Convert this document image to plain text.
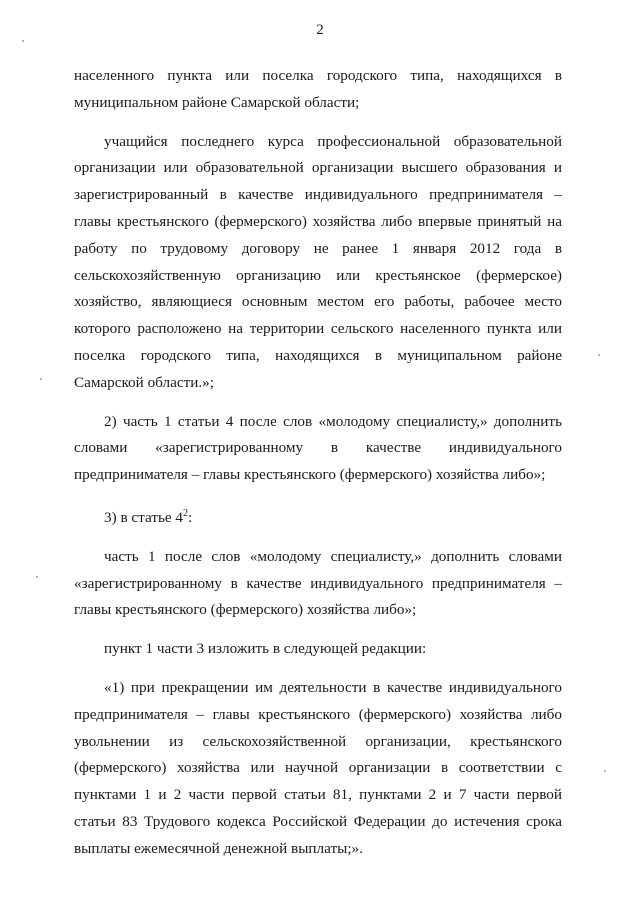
2

населенного пункта или поселка городского типа, находящихся в муниципальном районе Самарской области;

учащийся последнего курса профессиональной образовательной организации или образовательной организации высшего образования и зарегистрированный в качестве индивидуального предпринимателя – главы крестьянского (фермерского) хозяйства либо впервые принятый на работу по трудовому договору не ранее 1 января 2012 года в сельскохозяйственную организацию или крестьянское (фермерское) хозяйство, являющиеся основным местом его работы, рабочее место которого расположено на территории сельского населенного пункта или поселка городского типа, находящихся в муниципальном районе Самарской области.»;

2) часть 1 статьи 4 после слов «молодому специалисту,» дополнить словами «зарегистрированному в качестве индивидуального предпринимателя – главы крестьянского (фермерского) хозяйства либо»;

3) в статье $4^2$:

часть 1 после слов «молодому специалисту,» дополнить словами «зарегистрированному в качестве индивидуального предпринимателя – главы крестьянского (фермерского) хозяйства либо»;

пункт 1 части 3 изложить в следующей редакции:

«1) при прекращении им деятельности в качестве индивидуального предпринимателя – главы крестьянского (фермерского) хозяйства либо увольнении из сельскохозяйственной организации, крестьянского (фермерского) хозяйства или научной организации в соответствии с пунктами 1 и 2 части первой статьи 81, пунктами 2 и 7 части первой статьи 83 Трудового кодекса Российской Федерации до истечения срока выплаты ежемесячной денежной выплаты;».
